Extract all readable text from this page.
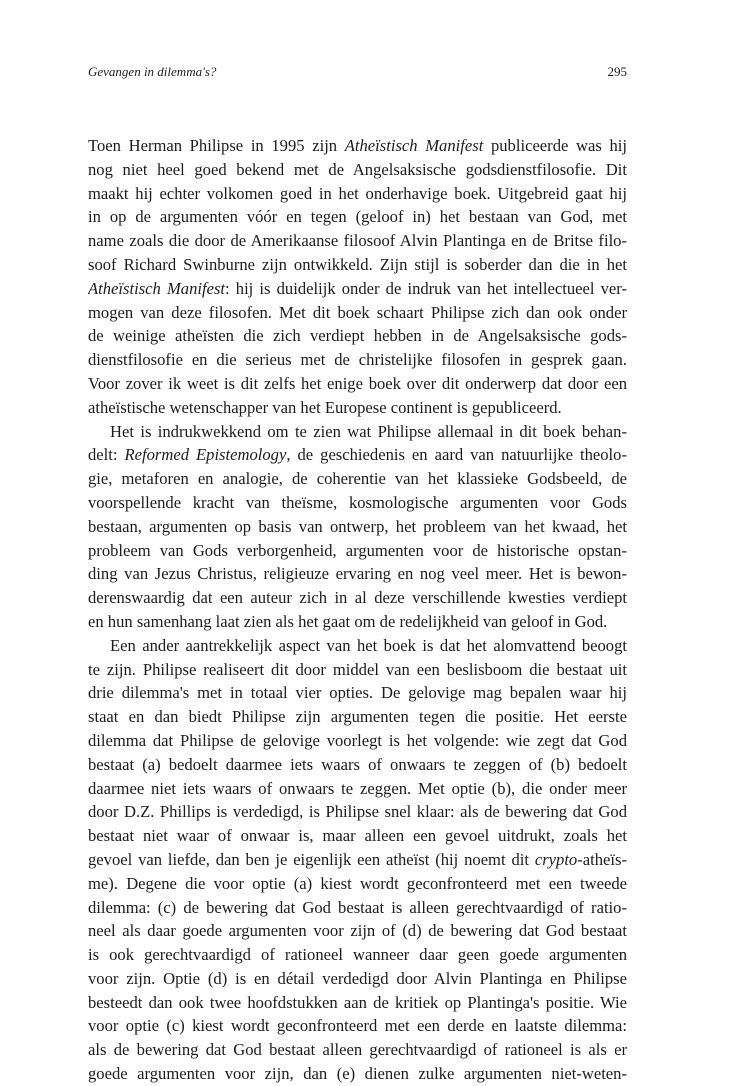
Gevangen in dilemma's?	295
Toen Herman Philipse in 1995 zijn Atheïstisch Manifest publiceerde was hij
nog niet heel goed bekend met de Angelsaksische godsdienstfilosofie. Dit
maakt hij echter volkomen goed in het onderhavige boek. Uitgebreid gaat hij
in op de argumenten vóór en tegen (geloof in) het bestaan van God, met
name zoals die door de Amerikaanse filosoof Alvin Plantinga en de Britse filo-
soof Richard Swinburne zijn ontwikkeld. Zijn stijl is soberder dan die in het
Atheïstisch Manifest: hij is duidelijk onder de indruk van het intellectueel ver-
mogen van deze filosofen. Met dit boek schaart Philipse zich dan ook onder
de weinige atheïsten die zich verdiept hebben in de Angelsaksische gods-
dienstfilosofie en die serieus met de christelijke filosofen in gesprek gaan.
Voor zover ik weet is dit zelfs het enige boek over dit onderwerp dat door een
atheïstische wetenschapper van het Europese continent is gepubliceerd.
Het is indrukwekkend om te zien wat Philipse allemaal in dit boek behan-
delt: Reformed Epistemology, de geschiedenis en aard van natuurlijke theolo-
gie, metaforen en analogie, de coherentie van het klassieke Godsbeeld, de
voorspellende kracht van theïsme, kosmologische argumenten voor Gods
bestaan, argumenten op basis van ontwerp, het probleem van het kwaad, het
probleem van Gods verborgenheid, argumenten voor de historische opstan-
ding van Jezus Christus, religieuze ervaring en nog veel meer. Het is bewon-
derenswaardig dat een auteur zich in al deze verschillende kwesties verdiept
en hun samenhang laat zien als het gaat om de redelijkheid van geloof in God.
Een ander aantrekkelijk aspect van het boek is dat het alomvattend beoogt
te zijn. Philipse realiseert dit door middel van een beslisboom die bestaat uit
drie dilemma's met in totaal vier opties. De gelovige mag bepalen waar hij
staat en dan biedt Philipse zijn argumenten tegen die positie. Het eerste
dilemma dat Philipse de gelovige voorlegt is het volgende: wie zegt dat God
bestaat (a) bedoelt daarmee iets waars of onwaars te zeggen of (b) bedoelt
daarmee niet iets waars of onwaars te zeggen. Met optie (b), die onder meer
door D.Z. Phillips is verdedigd, is Philipse snel klaar: als de bewering dat God
bestaat niet waar of onwaar is, maar alleen een gevoel uitdrukt, zoals het
gevoel van liefde, dan ben je eigenlijk een atheïst (hij noemt dit crypto-atheïs-
me). Degene die voor optie (a) kiest wordt geconfronteerd met een tweede
dilemma: (c) de bewering dat God bestaat is alleen gerechtvaardigd of ratio-
neel als daar goede argumenten voor zijn of (d) de bewering dat God bestaat
is ook gerechtvaardigd of rationeel wanneer daar geen goede argumenten
voor zijn. Optie (d) is en détail verdedigd door Alvin Plantinga en Philipse
besteedt dan ook twee hoofdstukken aan de kritiek op Plantinga's positie. Wie
voor optie (c) kiest wordt geconfronteerd met een derde en laatste dilemma:
als de bewering dat God bestaat alleen gerechtvaardigd of rationeel is als er
goede argumenten voor zijn, dan (e) dienen zulke argumenten niet-weten-
